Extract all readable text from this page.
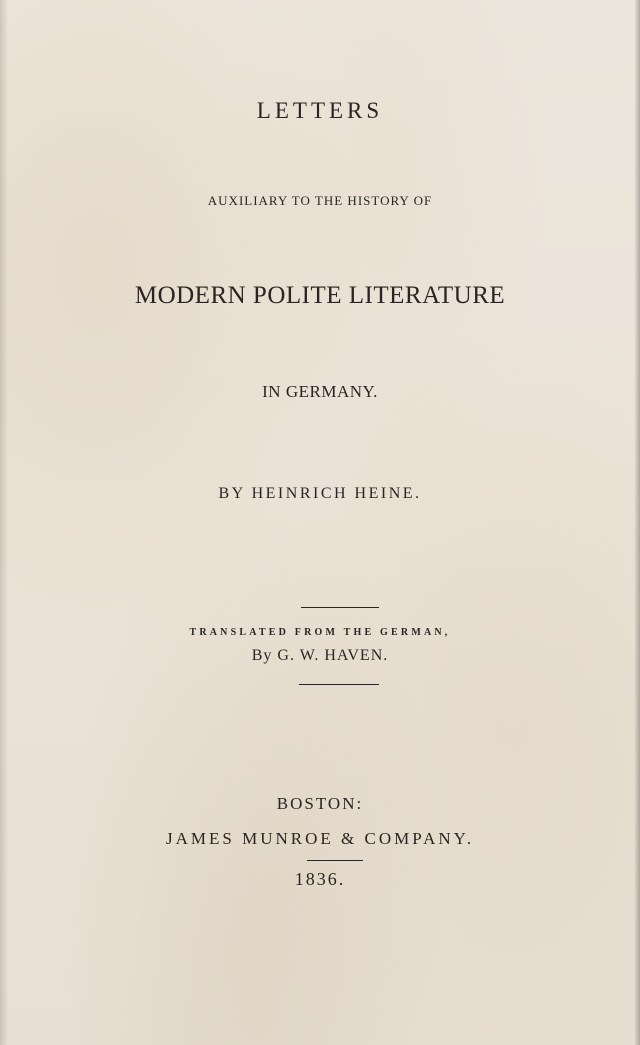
LETTERS
AUXILIARY TO THE HISTORY OF
MODERN POLITE LITERATURE
IN GERMANY.
BY HEINRICH HEINE.
TRANSLATED FROM THE GERMAN,
By G. W. HAVEN.
BOSTON:
JAMES MUNROE & COMPANY.
1836.
